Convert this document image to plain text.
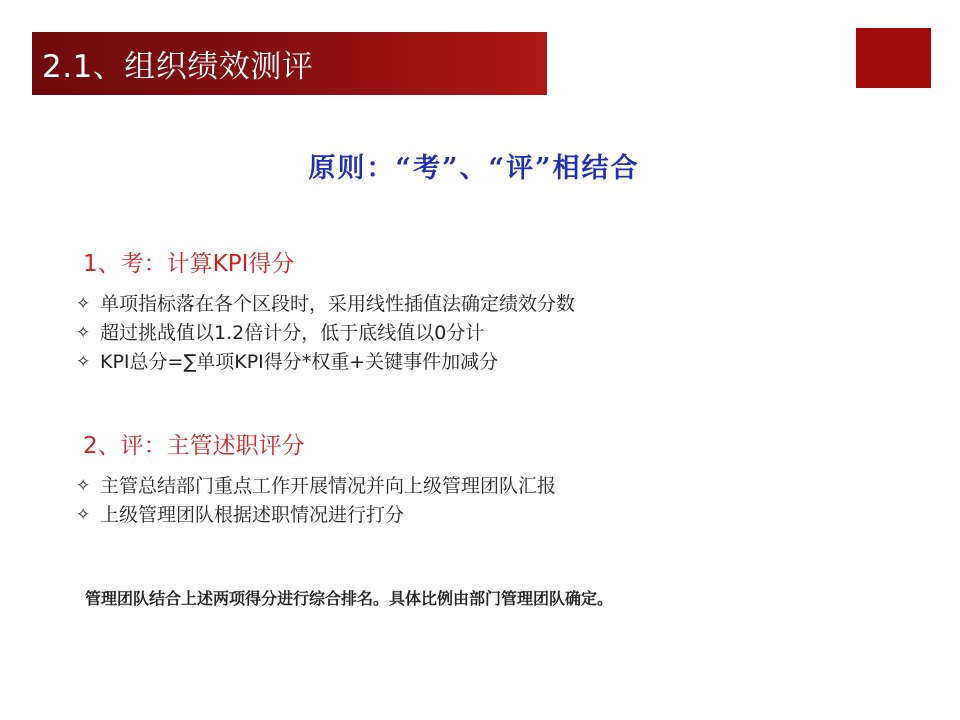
2.1、组织绩效测评
原则：“考”、“评”相结合
1、考：计算KPI得分
✧ 单项指标落在各个区段时，采用线性插值法确定绩效分数
✧ 超过挑战值以1.2倍计分，低于底线值以0分计
✧ KPI总分=∑单项KPI得分*权重+关键事件加减分
2、评：主管述职评分
✧ 主管总结部门重点工作开展情况并向上级管理团队汇报
✧ 上级管理团队根据述职情况进行打分
管理团队结合上述两项得分进行综合排名。具体比例由部门管理团队确定。
